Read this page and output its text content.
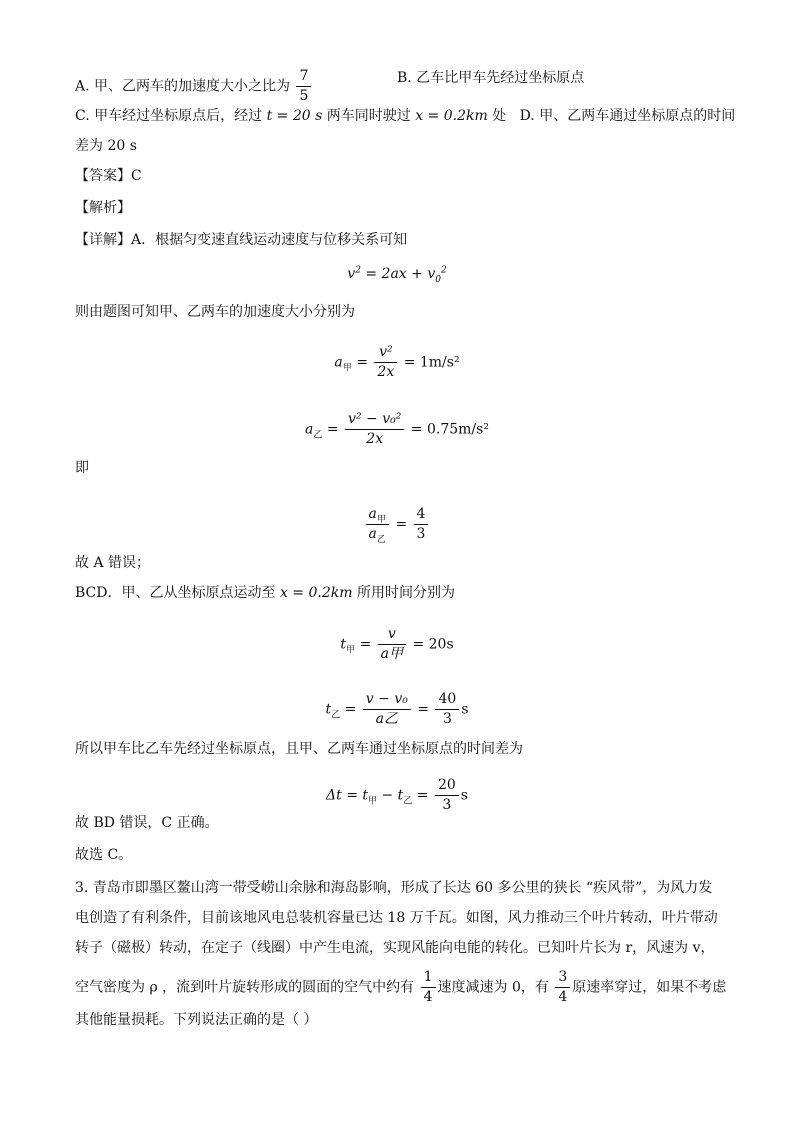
A. 甲、乙两车的加速度大小之比为 $\frac{7}{5}$	B. 乙车比甲车先经过坐标原点
C. 甲车经过坐标原点后，经过 t = 20 s 两车同时驶过 x = 0.2km 处 D. 甲、乙两车通过坐标原点的时间
差为 20 s
【答案】C
【解析】
【详解】A．根据匀变速直线运动速度与位移关系可知
$v^2 = 2ax + v_0^2$
则由题图可知甲、乙两车的加速度大小分别为
$a_甲 = \frac{\text{v²}}{2x} = 1m/s^2$
$a_乙 = \frac{\text{v² − v₀²}}{2x} = 0.75m/s^2$
即
$\frac{a_甲}{a_乙} = \frac{4}{3}$
故 A 错误；
BCD．甲、乙从坐标原点运动至 x = 0.2km 所用时间分别为
$t_甲 = \frac{v}{\text{a甲}} = 20s$
$t_乙 = \frac{\text{v − v₀}}{\text{a乙}} = \frac{40}{3}$ s
所以甲车比乙车先经过坐标原点，且甲、乙两车通过坐标原点的时间差为
$\Delta t = t_甲 - t_乙 = \frac{20}{3}$ s
故 BD 错误，C 正确。
故选 C。
3. 青岛市即墨区鳌山湾一带受崂山余脉和海岛影响，形成了长达 60 多公里的狭长 “疾风带”，为风力发
电创造了有利条件，目前该地风电总装机容量已达 18 万千瓦。如图，风力推动三个叶片转动，叶片带动
转子（磁极）转动，在定子（线圈）中产生电流，实现风能向电能的转化。已知叶片长为 r，风速为 v，
空气密度为 ρ ，流到叶片旋转形成的圆面的空气中约有 $\frac{1}{4}$ 速度减速为 0，有 $\frac{3}{4}$ 原速率穿过，如果不考虑
其他能量损耗。下列说法正确的是（ ）
